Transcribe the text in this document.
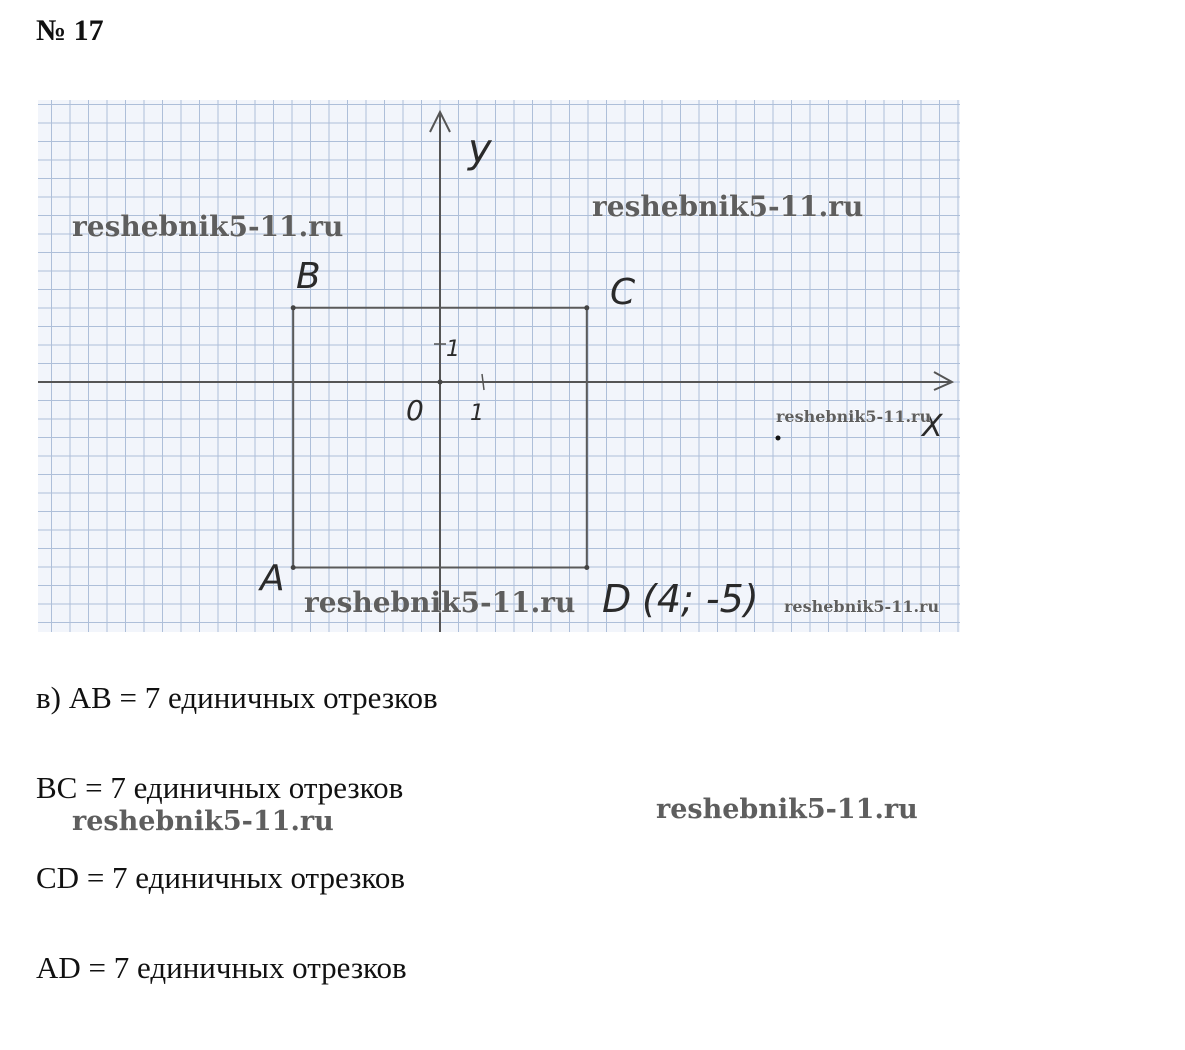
№ 17
y
X
0 1
1
B	C
A	D (4; -5)
reshebnik5-11.ru
reshebnik5-11.ru
reshebnik5-11.ru
reshebnik5-11.ru	reshebnik5-11.ru

в) АВ = 7 единичных отрезков

ВС = 7 единичных отрезков

reshebnik5-11.ru	reshebnik5-11.ru

CD = 7 единичных отрезков

AD = 7 единичных отрезков
